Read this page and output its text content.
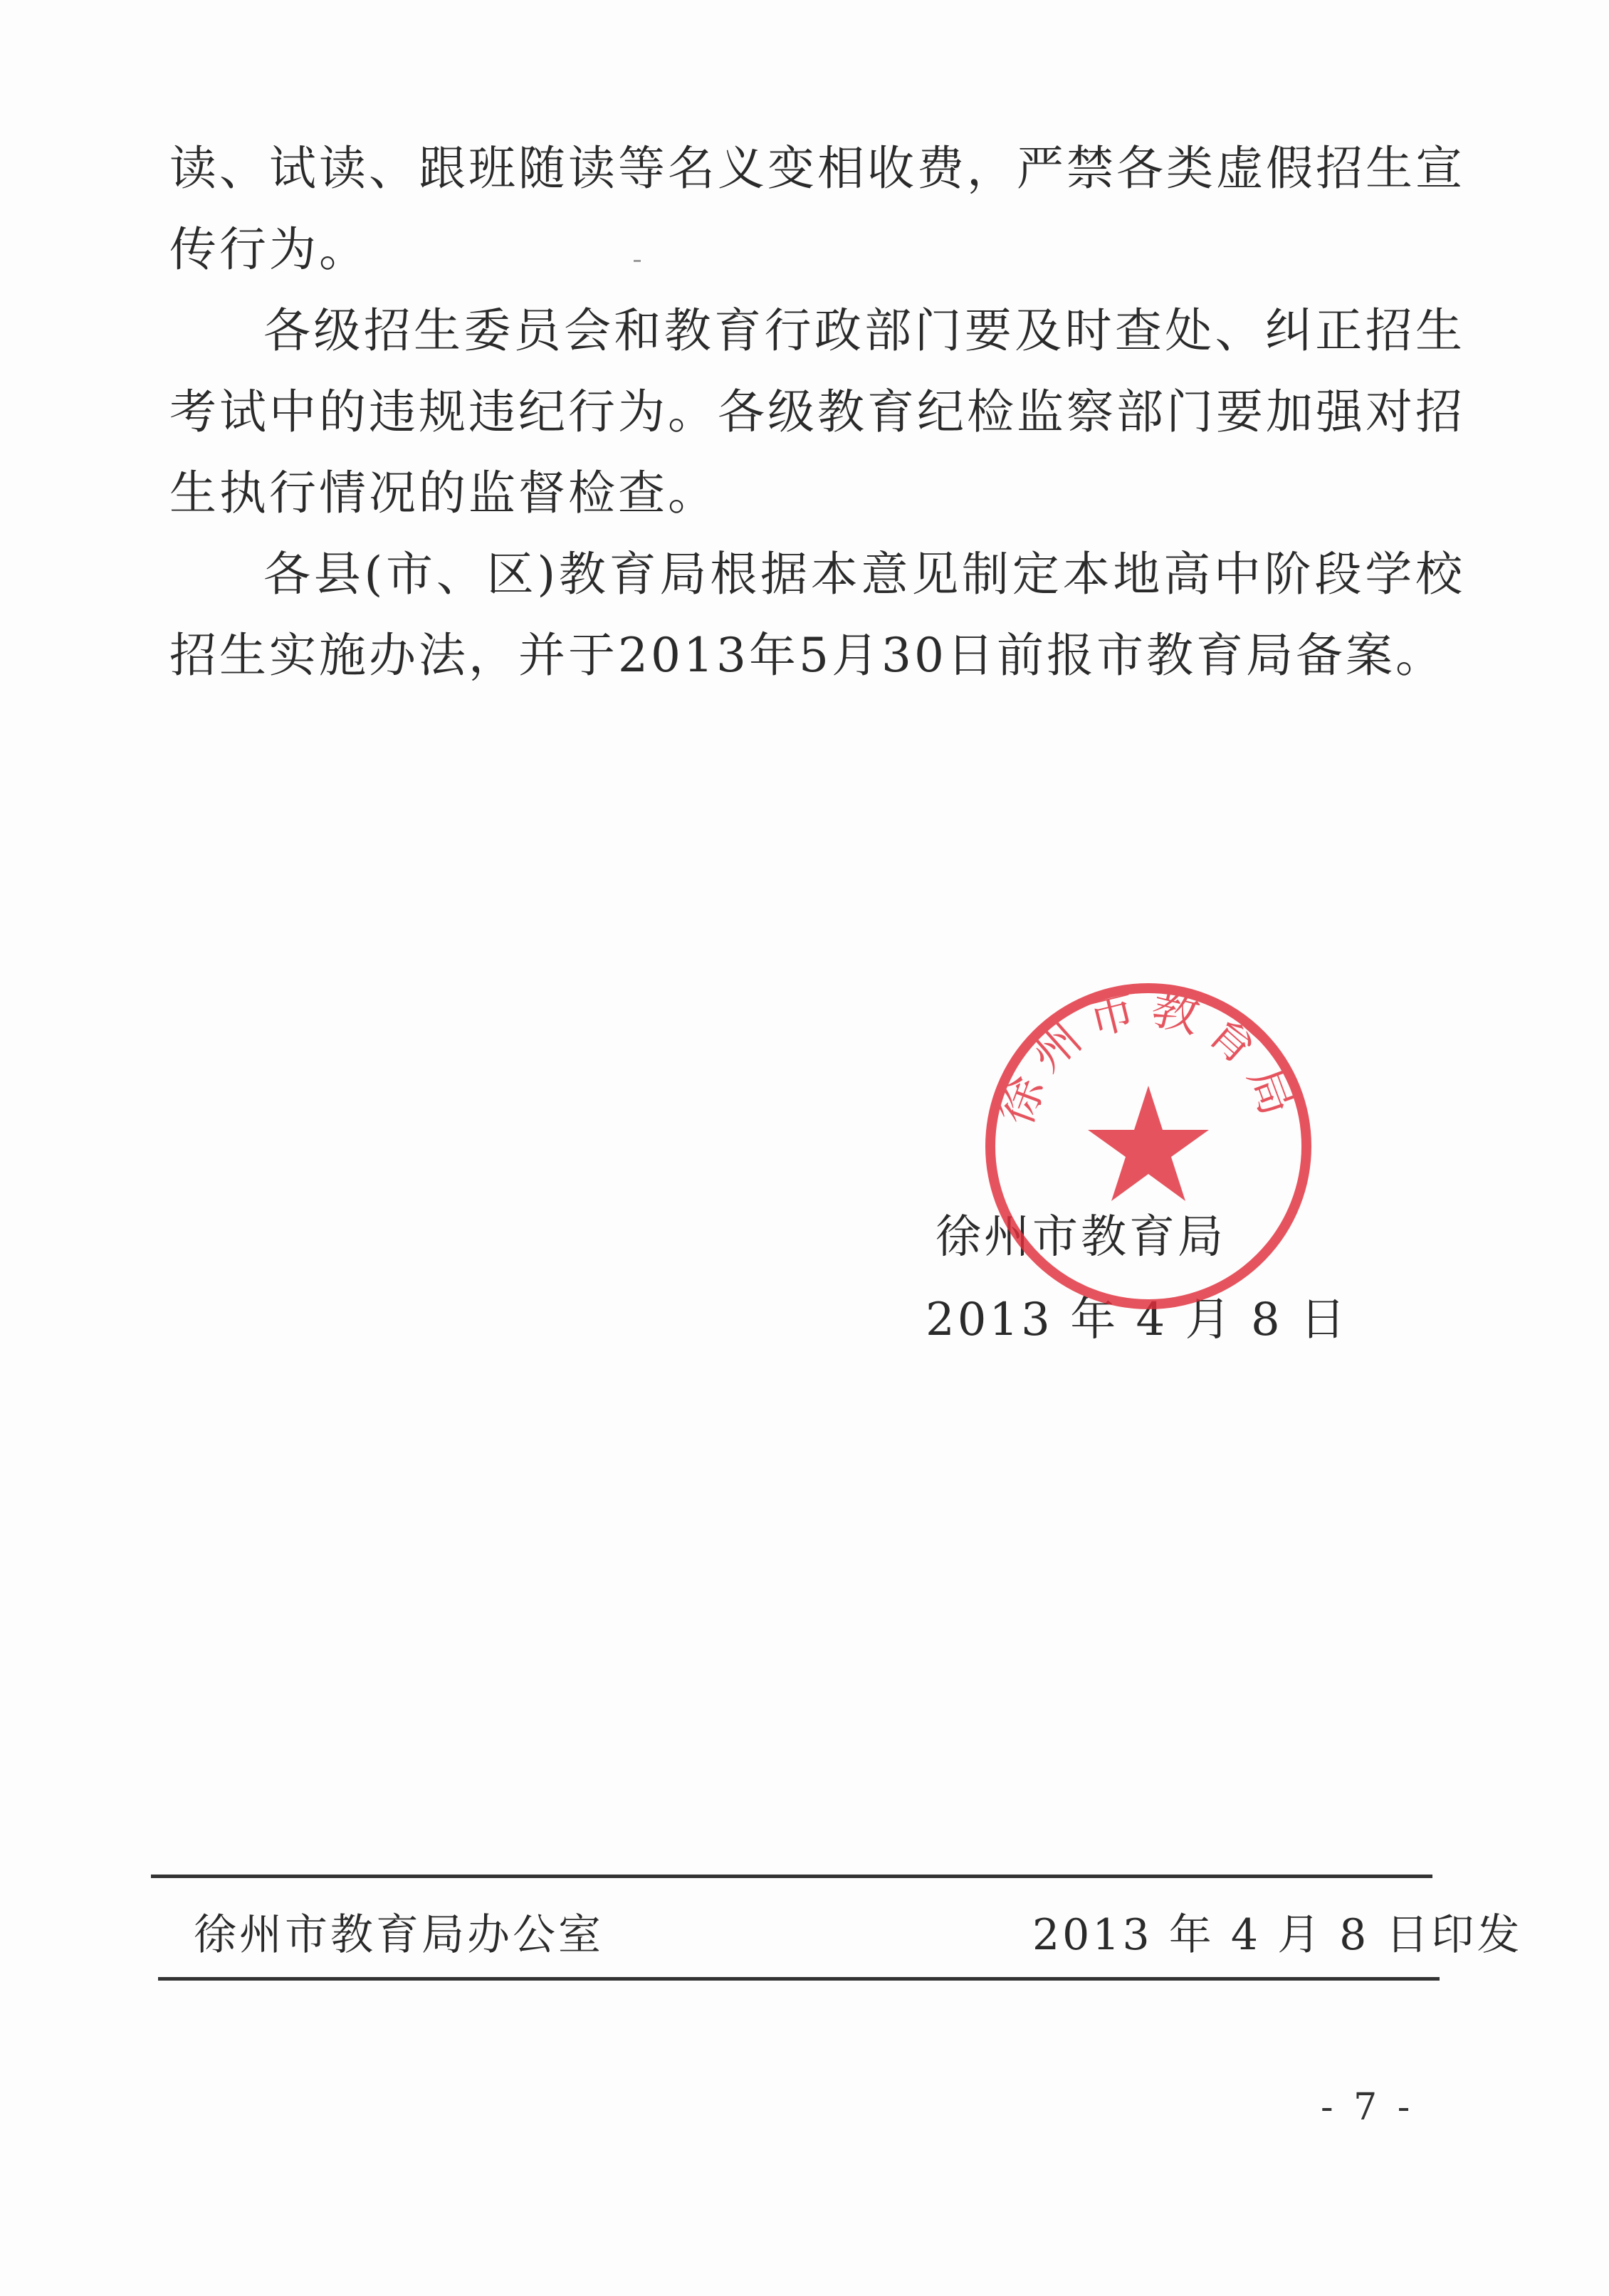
读、试读、跟班随读等名义变相收费，严禁各类虚假招生宣传行为。

各级招生委员会和教育行政部门要及时查处、纠正招生考试中的违规违纪行为。各级教育纪检监察部门要加强对招生执行情况的监督检查。

各县(市、区)教育局根据本意见制定本地高中阶段学校招生实施办法，并于2013年5月30日前报市教育局备案。

徐州市教育局
徐州市教育局
2013 年 4 月 8 日
徐州市教育局办公室	2013 年 4 月 8 日印发
- 7 -
